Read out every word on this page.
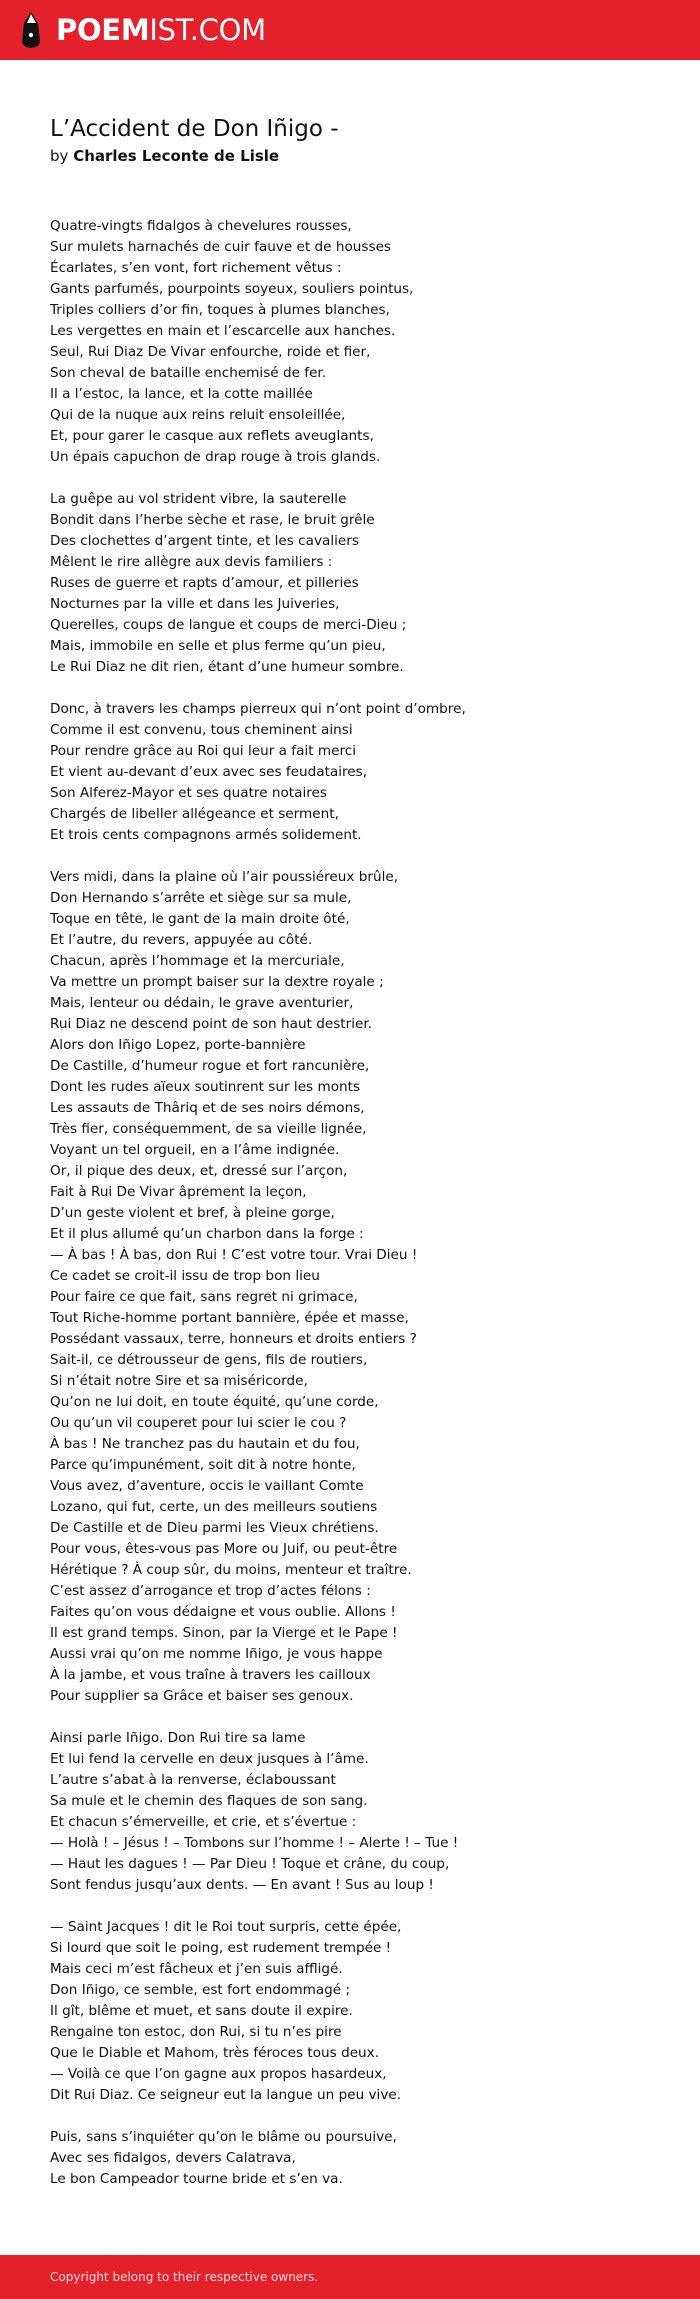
POEMIST.COM
L’Accident de Don Iñigo -
by Charles Leconte de Lisle
Quatre-vingts fidalgos à chevelures rousses,
Sur mulets harnachés de cuir fauve et de housses
Écarlates, s’en vont, fort richement vêtus :
Gants parfumés, pourpoints soyeux, souliers pointus,
Triples colliers d’or fin, toques à plumes blanches,
Les vergettes en main et l’escarcelle aux hanches.
Seul, Rui Diaz De Vivar enfourche, roide et fier,
Son cheval de bataille enchemisé de fer.
Il a l’estoc, la lance, et la cotte maillée
Qui de la nuque aux reins reluit ensoleillée,
Et, pour garer le casque aux reflets aveuglants,
Un épais capuchon de drap rouge à trois glands.
La guêpe au vol strident vibre, la sauterelle
Bondit dans l’herbe sèche et rase, le bruit grêle
Des clochettes d’argent tinte, et les cavaliers
Mêlent le rire allègre aux devis familiers :
Ruses de guerre et rapts d’amour, et pilleries
Nocturnes par la ville et dans les Juiveries,
Querelles, coups de langue et coups de merci-Dieu ;
Mais, immobile en selle et plus ferme qu’un pieu,
Le Rui Diaz ne dit rien, étant d’une humeur sombre.
Donc, à travers les champs pierreux qui n’ont point d’ombre,
Comme il est convenu, tous cheminent ainsi
Pour rendre grâce au Roi qui leur a fait merci
Et vient au-devant d’eux avec ses feudataires,
Son Alferez-Mayor et ses quatre notaires
Chargés de libeller allégeance et serment,
Et trois cents compagnons armés solidement.
Vers midi, dans la plaine où l’air poussiéreux brûle,
Don Hernando s’arrête et siège sur sa mule,
Toque en tête, le gant de la main droite ôté,
Et l’autre, du revers, appuyée au côté.
Chacun, après l’hommage et la mercuriale,
Va mettre un prompt baiser sur la dextre royale ;
Mais, lenteur ou dédain, le grave aventurier,
Rui Diaz ne descend point de son haut destrier.
Alors don Iñigo Lopez, porte-bannière
De Castille, d’humeur rogue et fort rancunière,
Dont les rudes aïeux soutinrent sur les monts
Les assauts de Thâriq et de ses noirs démons,
Très fier, conséquemment, de sa vieille lignée,
Voyant un tel orgueil, en a l’âme indignée.
Or, il pique des deux, et, dressé sur l’arçon,
Fait à Rui De Vivar âprement la leçon,
D’un geste violent et bref, à pleine gorge,
Et il plus allumé qu’un charbon dans la forge :
— À bas ! À bas, don Rui ! C’est votre tour. Vrai Dieu !
Ce cadet se croit-il issu de trop bon lieu
Pour faire ce que fait, sans regret ni grimace,
Tout Riche-homme portant bannière, épée et masse,
Possédant vassaux, terre, honneurs et droits entiers ?
Sait-il, ce détrousseur de gens, fils de routiers,
Si n’était notre Sire et sa miséricorde,
Qu’on ne lui doit, en toute équité, qu’une corde,
Ou qu’un vil couperet pour lui scier le cou ?
À bas ! Ne tranchez pas du hautain et du fou,
Parce qu’impunément, soit dit à notre honte,
Vous avez, d’aventure, occis le vaillant Comte
Lozano, qui fut, certe, un des meilleurs soutiens
De Castille et de Dieu parmi les Vieux chrétiens.
Pour vous, êtes-vous pas More ou Juif, ou peut-être
Hérétique ? À coup sûr, du moins, menteur et traître.
C’est assez d’arrogance et trop d’actes félons :
Faites qu’on vous dédaigne et vous oublie. Allons !
Il est grand temps. Sinon, par la Vierge et le Pape !
Aussi vrai qu’on me nomme Iñigo, je vous happe
À la jambe, et vous traîne à travers les cailloux
Pour supplier sa Grâce et baiser ses genoux.
Ainsi parle Iñigo. Don Rui tire sa lame
Et lui fend la cervelle en deux jusques à l’âme.
L’autre s’abat à la renverse, éclaboussant
Sa mule et le chemin des flaques de son sang.
Et chacun s’émerveille, et crie, et s’évertue :
— Holà ! – Jésus ! – Tombons sur l’homme ! – Alerte ! – Tue !
— Haut les dagues ! — Par Dieu ! Toque et crâne, du coup,
Sont fendus jusqu’aux dents. — En avant ! Sus au loup !
— Saint Jacques ! dit le Roi tout surpris, cette épée,
Si lourd que soit le poing, est rudement trempée !
Mais ceci m’est fâcheux et j’en suis affligé.
Don Iñigo, ce semble, est fort endommagé ;
Il gît, blême et muet, et sans doute il expire.
Rengaine ton estoc, don Rui, si tu n’es pire
Que le Diable et Mahom, très féroces tous deux.
— Voilà ce que l’on gagne aux propos hasardeux,
Dit Rui Diaz. Ce seigneur eut la langue un peu vive.
Puis, sans s’inquiéter qu’on le blâme ou poursuive,
Avec ses fidalgos, devers Calatrava,
Le bon Campeador tourne bride et s’en va.
Copyright belong to their respective owners.
